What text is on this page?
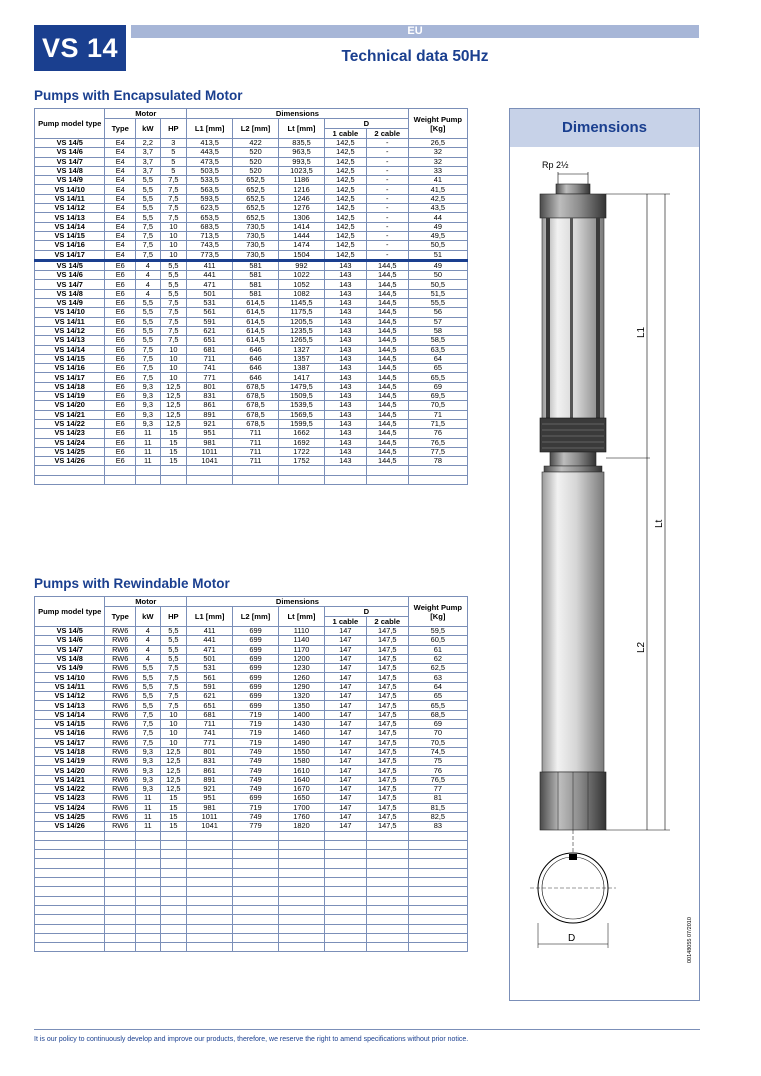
VS 14
EU
Technical data 50Hz
Pumps with Encapsulated Motor
Pump model type	Motor			Dimensions					Weight Pump [Kg]
	Type	kW	HP	L1 [mm]	L2 [mm]	Lt [mm]	D		
							1 cable	2 cable	
VS 14/5	E4	2,2	3	413,5	422	835,5	142,5	-	26,5
VS 14/6	E4	3,7	5	443,5	520	963,5	142,5	-	32
VS 14/7	E4	3,7	5	473,5	520	993,5	142,5	-	32
VS 14/8	E4	3,7	5	503,5	520	1023,5	142,5	-	33
VS 14/9	E4	5,5	7,5	533,5	652,5	1186	142,5	-	41
VS 14/10	E4	5,5	7,5	563,5	652,5	1216	142,5	-	41,5
VS 14/11	E4	5,5	7,5	593,5	652,5	1246	142,5	-	42,5
VS 14/12	E4	5,5	7,5	623,5	652,5	1276	142,5	-	43,5
VS 14/13	E4	5,5	7,5	653,5	652,5	1306	142,5	-	44
VS 14/14	E4	7,5	10	683,5	730,5	1414	142,5	-	49
VS 14/15	E4	7,5	10	713,5	730,5	1444	142,5	-	49,5
VS 14/16	E4	7,5	10	743,5	730,5	1474	142,5	-	50,5
VS 14/17	E4	7,5	10	773,5	730,5	1504	142,5	-	51
VS 14/5	E6	4	5,5	411	581	992	143	144,5	49
VS 14/6	E6	4	5,5	441	581	1022	143	144,5	50
VS 14/7	E6	4	5,5	471	581	1052	143	144,5	50,5
VS 14/8	E6	4	5,5	501	581	1082	143	144,5	51,5
VS 14/9	E6	5,5	7,5	531	614,5	1145,5	143	144,5	55,5
VS 14/10	E6	5,5	7,5	561	614,5	1175,5	143	144,5	56
VS 14/11	E6	5,5	7,5	591	614,5	1205,5	143	144,5	57
VS 14/12	E6	5,5	7,5	621	614,5	1235,5	143	144,5	58
VS 14/13	E6	5,5	7,5	651	614,5	1265,5	143	144,5	58,5
VS 14/14	E6	7,5	10	681	646	1327	143	144,5	63,5
VS 14/15	E6	7,5	10	711	646	1357	143	144,5	64
VS 14/16	E6	7,5	10	741	646	1387	143	144,5	65
VS 14/17	E6	7,5	10	771	646	1417	143	144,5	65,5
VS 14/18	E6	9,3	12,5	801	678,5	1479,5	143	144,5	69
VS 14/19	E6	9,3	12,5	831	678,5	1509,5	143	144,5	69,5
VS 14/20	E6	9,3	12,5	861	678,5	1539,5	143	144,5	70,5
VS 14/21	E6	9,3	12,5	891	678,5	1569,5	143	144,5	71
VS 14/22	E6	9,3	12,5	921	678,5	1599,5	143	144,5	71,5
VS 14/23	E6	11	15	951	711	1662	143	144,5	76
VS 14/24	E6	11	15	981	711	1692	143	144,5	76,5
VS 14/25	E6	11	15	1011	711	1722	143	144,5	77,5
VS 14/26	E6	11	15	1041	711	1752	143	144,5	78

Pumps with Rewindable Motor
Pump model type	Motor			Dimensions					Weight Pump [Kg]
	Type	kW	HP	L1 [mm]	L2 [mm]	Lt [mm]	D		
							1 cable	2 cable	
VS 14/5	RW6	4	5,5	411	699	1110	147	147,5	59,5
VS 14/6	RW6	4	5,5	441	699	1140	147	147,5	60,5
VS 14/7	RW6	4	5,5	471	699	1170	147	147,5	61
VS 14/8	RW6	4	5,5	501	699	1200	147	147,5	62
VS 14/9	RW6	5,5	7,5	531	699	1230	147	147,5	62,5
VS 14/10	RW6	5,5	7,5	561	699	1260	147	147,5	63
VS 14/11	RW6	5,5	7,5	591	699	1290	147	147,5	64
VS 14/12	RW6	5,5	7,5	621	699	1320	147	147,5	65
VS 14/13	RW6	5,5	7,5	651	699	1350	147	147,5	65,5
VS 14/14	RW6	7,5	10	681	719	1400	147	147,5	68,5
VS 14/15	RW6	7,5	10	711	719	1430	147	147,5	69
VS 14/16	RW6	7,5	10	741	719	1460	147	147,5	70
VS 14/17	RW6	7,5	10	771	719	1490	147	147,5	70,5
VS 14/18	RW6	9,3	12,5	801	749	1550	147	147,5	74,5
VS 14/19	RW6	9,3	12,5	831	749	1580	147	147,5	75
VS 14/20	RW6	9,3	12,5	861	749	1610	147	147,5	76
VS 14/21	RW6	9,3	12,5	891	749	1640	147	147,5	76,5
VS 14/22	RW6	9,3	12,5	921	749	1670	147	147,5	77
VS 14/23	RW6	11	15	951	699	1650	147	147,5	81
VS 14/24	RW6	11	15	981	719	1700	147	147,5	81,5
VS 14/25	RW6	11	15	1011	749	1760	147	147,5	82,5
VS 14/26	RW6	11	15	1041	779	1820	147	147,5	83

Dimensions
Rp 2½
D
L1
Lt
L2
00148055 07/2010
It is our policy to continuously develop and improve our products, therefore, we reserve the right to amend specifications without prior notice.
